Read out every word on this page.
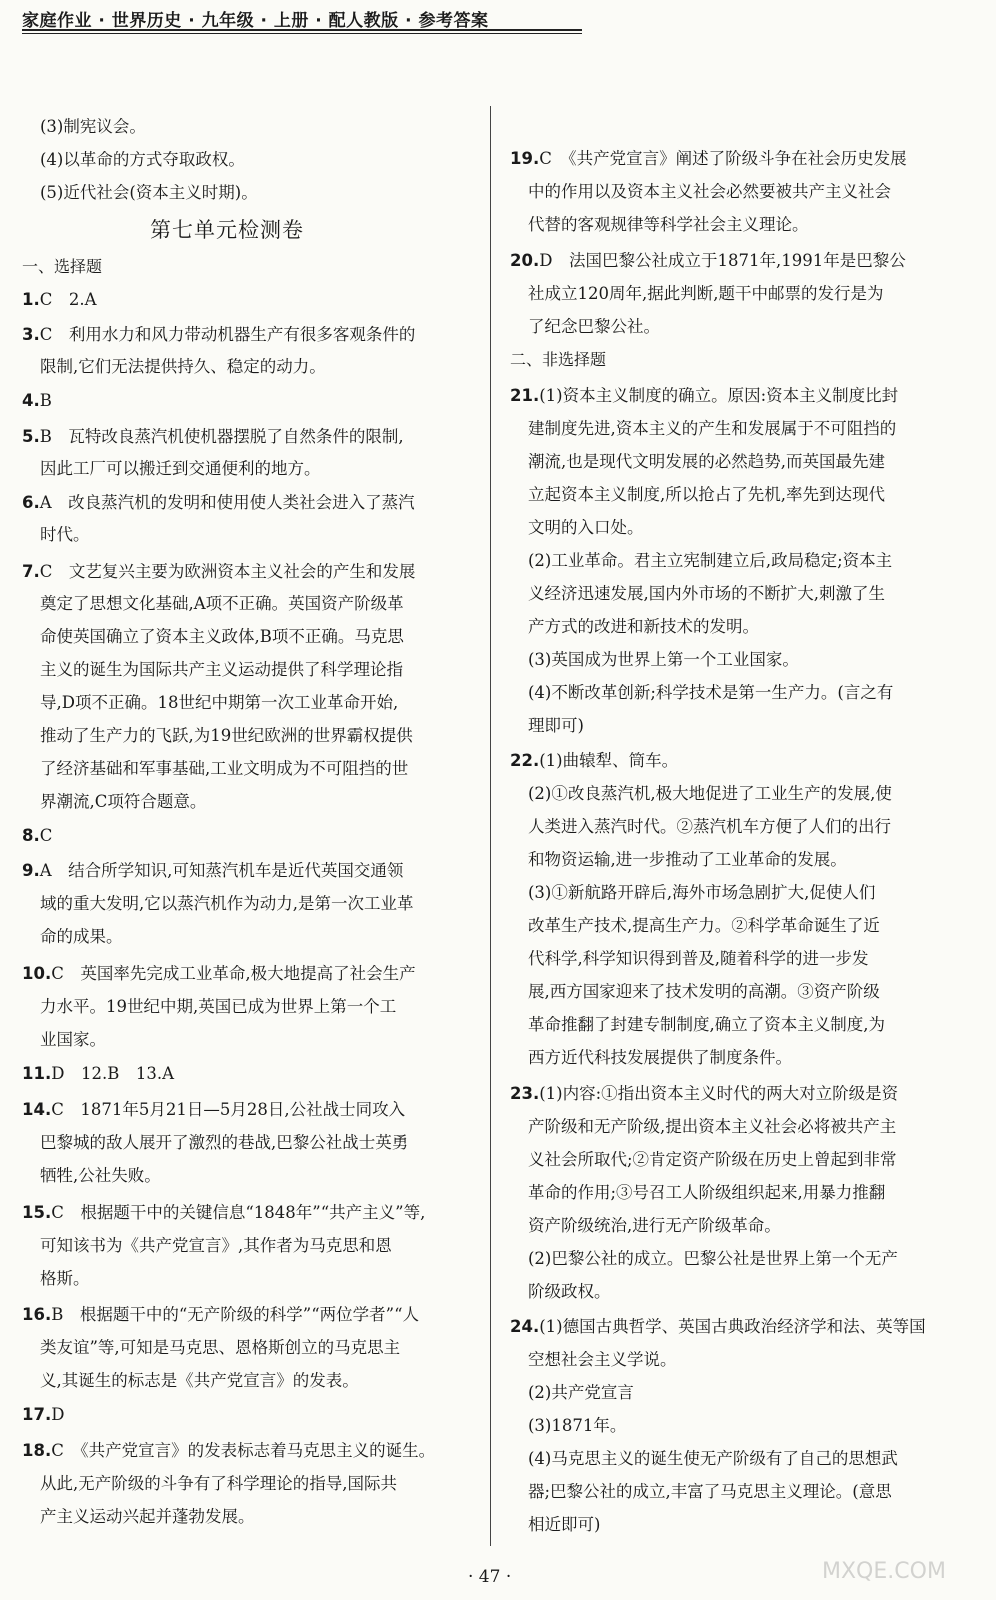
家庭作业 · 世界历史 · 九年级 · 上册 · 配人教版 · 参考答案
(3)制宪议会。
(4)以革命的方式夺取政权。
(5)近代社会(资本主义时期)。
一、选择题
1.C　2.A
3.C　利用水力和风力带动机器生产有很多客观条件的
限制,它们无法提供持久、稳定的动力。
4.B
5.B　瓦特改良蒸汽机使机器摆脱了自然条件的限制,
因此工厂可以搬迁到交通便利的地方。
6.A　改良蒸汽机的发明和使用使人类社会进入了蒸汽
时代。
7.C　文艺复兴主要为欧洲资本主义社会的产生和发展
奠定了思想文化基础,A项不正确。英国资产阶级革
命使英国确立了资本主义政体,B项不正确。马克思
主义的诞生为国际共产主义运动提供了科学理论指
导,D项不正确。18世纪中期第一次工业革命开始,
推动了生产力的飞跃,为19世纪欧洲的世界霸权提供
了经济基础和军事基础,工业文明成为不可阻挡的世
界潮流,C项符合题意。
8.C
9.A　结合所学知识,可知蒸汽机车是近代英国交通领
域的重大发明,它以蒸汽机作为动力,是第一次工业革
命的成果。
10.C　英国率先完成工业革命,极大地提高了社会生产
力水平。19世纪中期,英国已成为世界上第一个工
业国家。
11.D　12.B　13.A
14.C　1871年5月21日—5月28日,公社战士同攻入
巴黎城的敌人展开了激烈的巷战,巴黎公社战士英勇
牺牲,公社失败。
15.C　根据题干中的关键信息“1848年”“共产主义”等,
可知该书为《共产党宣言》,其作者为马克思和恩
格斯。
16.B　根据题干中的“无产阶级的科学”“两位学者”“人
类友谊”等,可知是马克思、恩格斯创立的马克思主
义,其诞生的标志是《共产党宣言》的发表。
17.D
18.C　《共产党宣言》的发表标志着马克思主义的诞生。
从此,无产阶级的斗争有了科学理论的指导,国际共
产主义运动兴起并蓬勃发展。
第七单元检测卷
19.C　《共产党宣言》阐述了阶级斗争在社会历史发展
中的作用以及资本主义社会必然要被共产主义社会
代替的客观规律等科学社会主义理论。
20.D　法国巴黎公社成立于1871年,1991年是巴黎公
社成立120周年,据此判断,题干中邮票的发行是为
了纪念巴黎公社。
二、非选择题
21.(1)资本主义制度的确立。原因:资本主义制度比封
建制度先进,资本主义的产生和发展属于不可阻挡的
潮流,也是现代文明发展的必然趋势,而英国最先建
立起资本主义制度,所以抢占了先机,率先到达现代
文明的入口处。
(2)工业革命。君主立宪制建立后,政局稳定;资本主
义经济迅速发展,国内外市场的不断扩大,刺激了生
产方式的改进和新技术的发明。
(3)英国成为世界上第一个工业国家。
(4)不断改革创新;科学技术是第一生产力。(言之有
理即可)
22.(1)曲辕犁、筒车。
(2)①改良蒸汽机,极大地促进了工业生产的发展,使
人类进入蒸汽时代。②蒸汽机车方便了人们的出行
和物资运输,进一步推动了工业革命的发展。
(3)①新航路开辟后,海外市场急剧扩大,促使人们
改革生产技术,提高生产力。②科学革命诞生了近
代科学,科学知识得到普及,随着科学的进一步发
展,西方国家迎来了技术发明的高潮。③资产阶级
革命推翻了封建专制制度,确立了资本主义制度,为
西方近代科技发展提供了制度条件。
23.(1)内容:①指出资本主义时代的两大对立阶级是资
产阶级和无产阶级,提出资本主义社会必将被共产主
义社会所取代;②肯定资产阶级在历史上曾起到非常
革命的作用;③号召工人阶级组织起来,用暴力推翻
资产阶级统治,进行无产阶级革命。
(2)巴黎公社的成立。巴黎公社是世界上第一个无产
阶级政权。
24.(1)德国古典哲学、英国古典政治经济学和法、英等国
空想社会主义学说。
(2)共产党宣言
(3)1871年。
(4)马克思主义的诞生使无产阶级有了自己的思想武
器;巴黎公社的成立,丰富了马克思主义理论。(意思
相近即可)
· 47 ·	MXQE.COM
